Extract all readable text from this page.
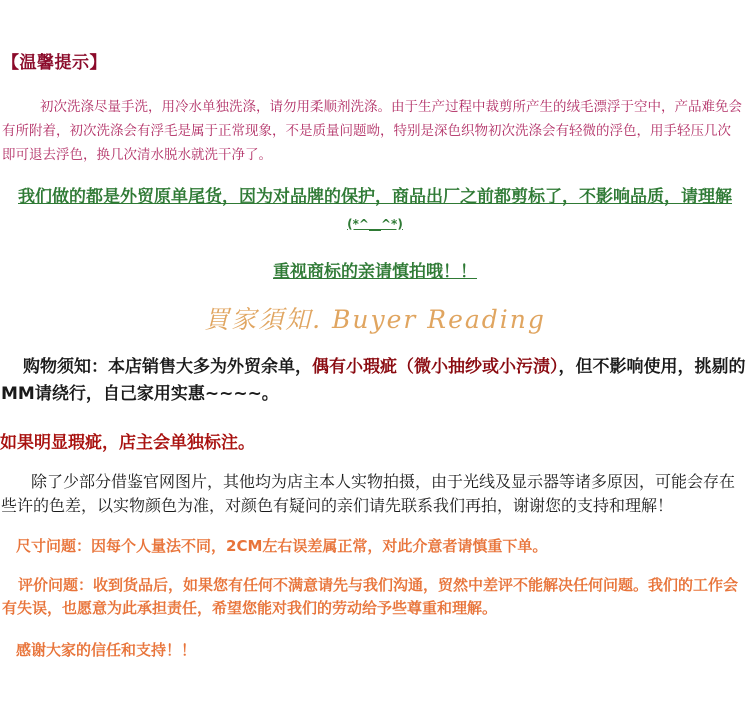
【温馨提示】
初次洗涤尽量手洗，用冷水单独洗涤，请勿用柔顺剂洗涤。由于生产过程中裁剪所产生的绒毛漂浮于空中，产品难免会有所附着，初次洗涤会有浮毛是属于正常现象，不是质量问题呦，特别是深色织物初次洗涤会有轻微的浮色，用手轻压几次即可退去浮色，换几次清水脱水就洗干净了。
我们做的都是外贸原单尾货，因为对品牌的保护，商品出厂之前都剪标了，不影响品质，请理解(*^__^*)
重视商标的亲请慎拍哦！！
買家須知. Buyer Reading
购物须知：本店销售大多为外贸余单，偶有小瑕疵（微小抽纱或小污渍），但不影响使用，挑剔的MM请绕行，自己家用实惠~~~~。
如果明显瑕疵，店主会单独标注。
除了少部分借鉴官网图片，其他均为店主本人实物拍摄，由于光线及显示器等诸多原因，可能会存在些许的色差，以实物颜色为准，对颜色有疑问的亲们请先联系我们再拍，谢谢您的支持和理解！
尺寸问题：因每个人量法不同，2CM左右误差属正常，对此介意者请慎重下单。
评价问题：收到货品后，如果您有任何不满意请先与我们沟通，贸然中差评不能解决任何问题。我们的工作会有失误，也愿意为此承担责任，希望您能对我们的劳动给予些尊重和理解。
感谢大家的信任和支持！！
